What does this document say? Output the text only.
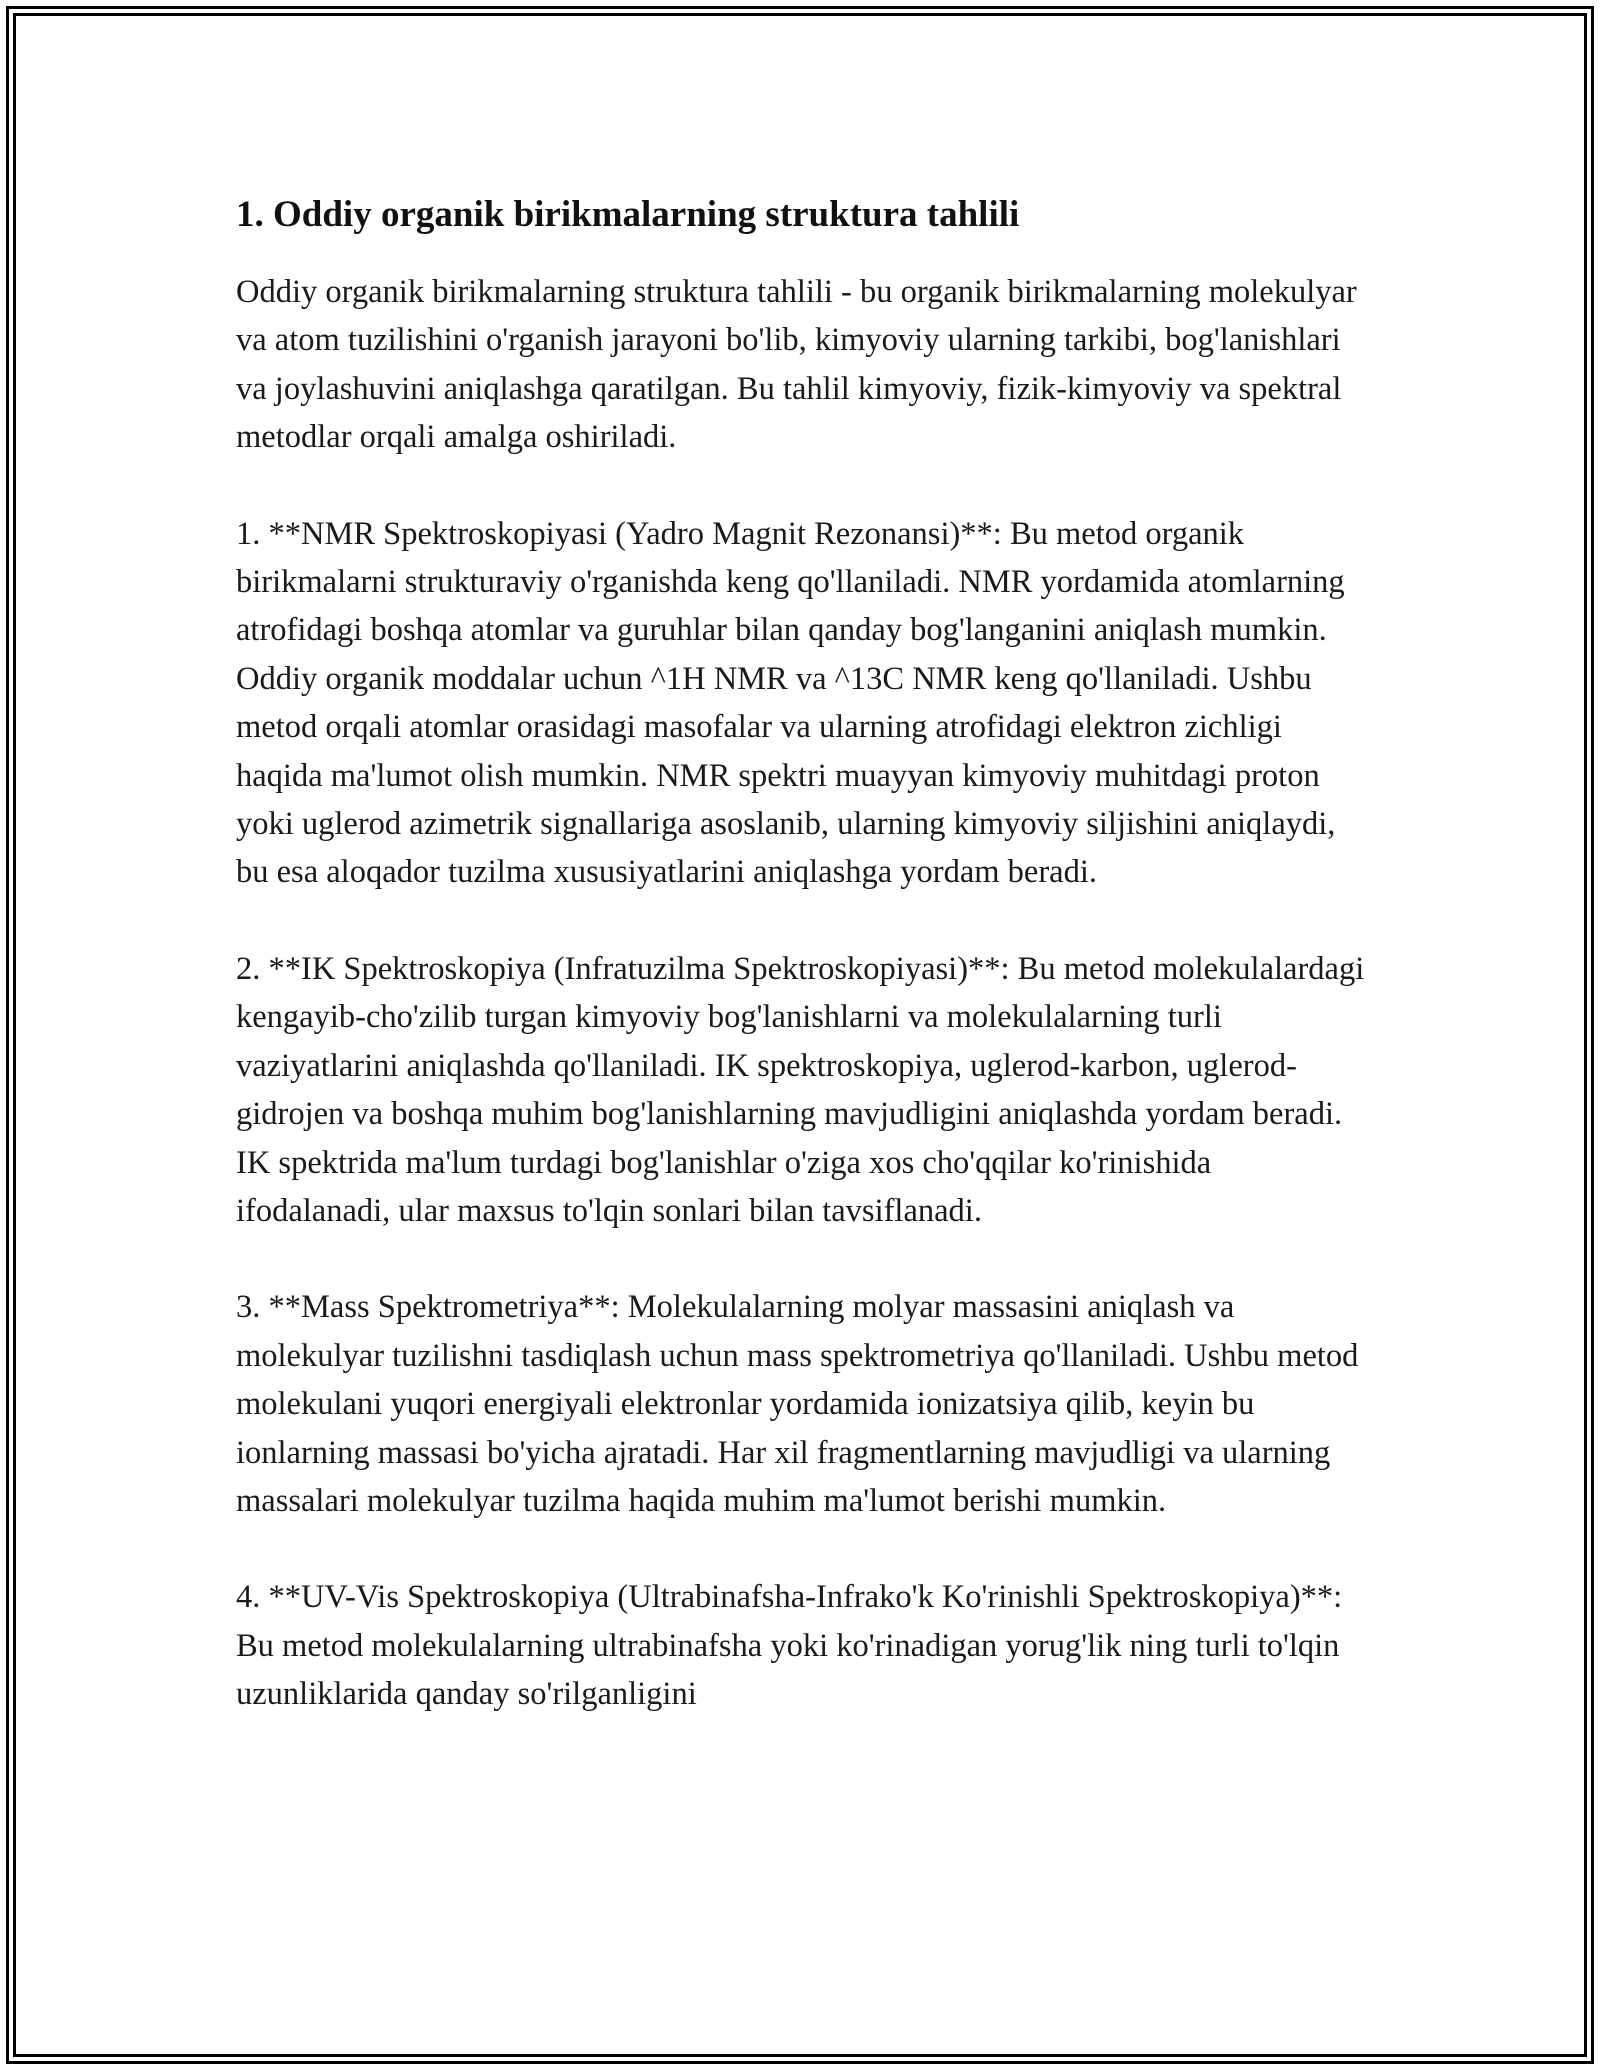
1. Oddiy organik birikmalarning struktura tahlili

Oddiy organik birikmalarning struktura tahlili - bu organik birikmalarning molekulyar va atom tuzilishini o'rganish jarayoni bo'lib, kimyoviy ularning tarkibi, bog'lanishlari va joylashuvini aniqlashga qaratilgan. Bu tahlil kimyoviy, fizik-kimyoviy va spektral metodlar orqali amalga oshiriladi.

1. **NMR Spektroskopiyasi (Yadro Magnit Rezonansi)**: Bu metod organik birikmalarni strukturaviy o'rganishda keng qo'llaniladi. NMR yordamida atomlarning atrofidagi boshqa atomlar va guruhlar bilan qanday bog'langanini aniqlash mumkin. Oddiy organik moddalar uchun ^1H NMR va ^13C NMR keng qo'llaniladi. Ushbu metod orqali atomlar orasidagi masofalar va ularning atrofidagi elektron zichligi haqida ma'lumot olish mumkin. NMR spektri muayyan kimyoviy muhitdagi proton yoki uglerod azimetrik signallariga asoslanib, ularning kimyoviy siljishini aniqlaydi, bu esa aloqador tuzilma xususiyatlarini aniqlashga yordam beradi.

2. **IK Spektroskopiya (Infratuzilma Spektroskopiyasi)**: Bu metod molekulalardagi kengayib-cho'zilib turgan kimyoviy bog'lanishlarni va molekulalarning turli vaziyatlarini aniqlashda qo'llaniladi. IK spektroskopiya, uglerod-karbon, uglerod-gidrojen va boshqa muhim bog'lanishlarning mavjudligini aniqlashda yordam beradi. IK spektrida ma'lum turdagi bog'lanishlar o'ziga xos cho'qqilar ko'rinishida ifodalanadi, ular maxsus to'lqin sonlari bilan tavsiflanadi.

3. **Mass Spektrometriya**: Molekulalarning molyar massasini aniqlash va molekulyar tuzilishni tasdiqlash uchun mass spektrometriya qo'llaniladi. Ushbu metod molekulani yuqori energiyali elektronlar yordamida ionizatsiya qilib, keyin bu ionlarning massasi bo'yicha ajratadi. Har xil fragmentlarning mavjudligi va ularning massalari molekulyar tuzilma haqida muhim ma'lumot berishi mumkin.

4. **UV-Vis Spektroskopiya (Ultrabinafsha-Infrako'k Ko'rinishli Spektroskopiya)**: Bu metod molekulalarning ultrabinafsha yoki ko'rinadigan yorug'lik ning turli to'lqin uzunliklarida qanday so'rilganligini
